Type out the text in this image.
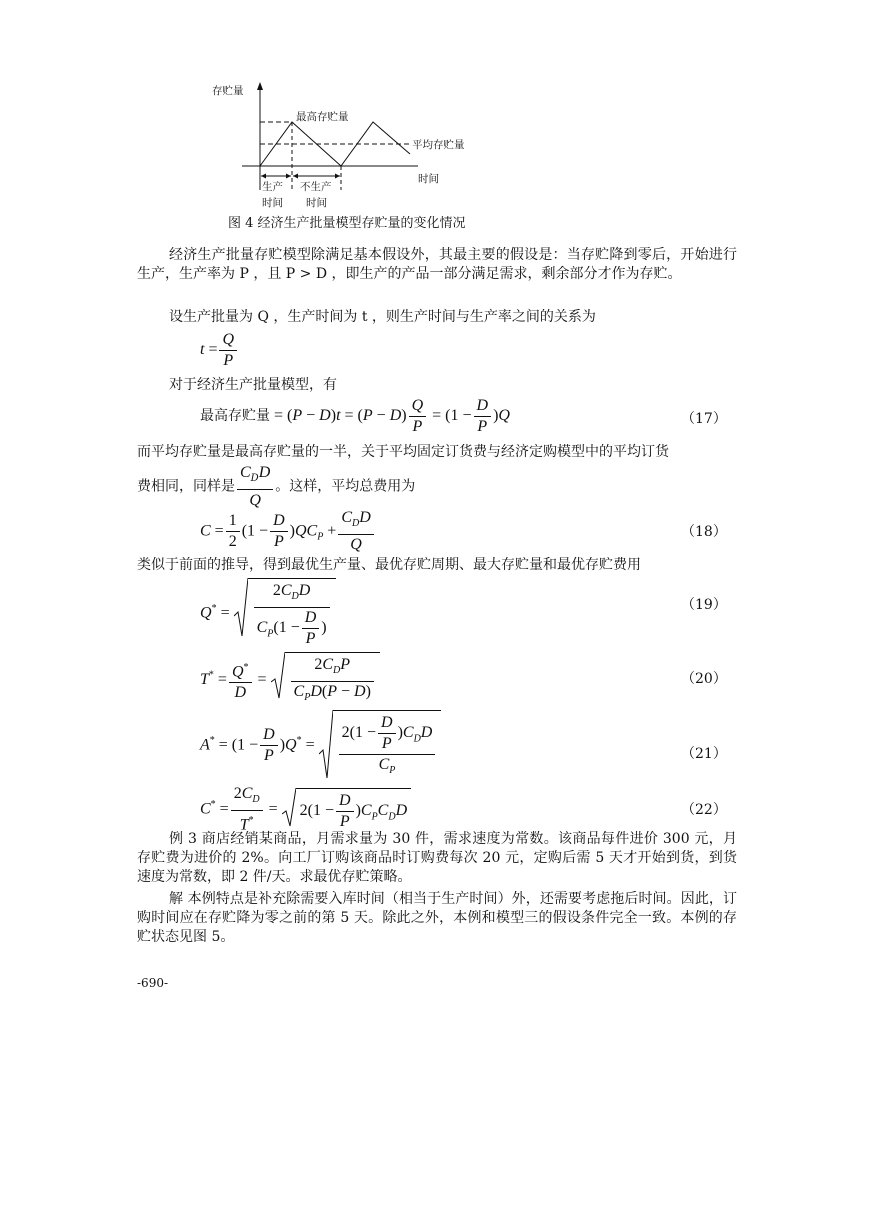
存贮量
最高存贮量
平均存贮量
时间
生产
时间
不生产
时间
图 4 经济生产批量模型存贮量的变化情况
经济生产批量存贮模型除满足基本假设外，其最主要的假设是：当存贮降到零后，开始进行生产，生产率为 P ，且 P > D ，即生产的产品一部分满足需求，剩余部分才作为存贮。
设生产批量为 Q ，生产时间为 t ，则生产时间与生产率之间的关系为
$t = \frac{Q}{P}$
对于经济生产批量模型，有
最高存贮量 = $(P - D)t = (P - D) \frac{Q}{P} = (1 - \frac{D}{P} )Q$	（17）
而平均存贮量是最高存贮量的一半，关于平均固定订货费与经济定购模型中的平均订货
费相同，同样是 $\frac{C_DD}{Q}$ 。这样，平均总费用为
$C = \frac{1}{2} (1 - \frac{D}{P} )QC_P + \frac{C_DD}{Q}$	（18）
类似于前面的推导，得到最优生产量、最优存贮周期、最大存贮量和最优存贮费用
$Q^* = \frac{2C_DD}{C_P(1 - \frac{D}{P} )}$	（19）
$T^* = \frac{Q^*}{D} = \frac{2C_DP}{C_PD(P - D)}$	（20）
$A^* = (1 - \frac{D}{P} )Q^* = \frac{2(1 - \frac{D}{P} )C_DD}{C_P}$	（21）
$C^* = \frac{2C_D}{T^*}$ =
$2(1 - \frac{D}{P} )C_PC_DD$	（22）
例 3 商店经销某商品，月需求量为 30 件，需求速度为常数。该商品每件进价 300 元，月存贮费为进价的 2%。向工厂订购该商品时订购费每次 20 元，定购后需 5 天才开始到货，到货速度为常数，即 2 件/天。求最优存贮策略。
解 本例特点是补充除需要入库时间（相当于生产时间）外，还需要考虑拖后时间。因此，订购时间应在存贮降为零之前的第 5 天。除此之外，本例和模型三的假设条件完全一致。本例的存贮状态见图 5。
-690-
